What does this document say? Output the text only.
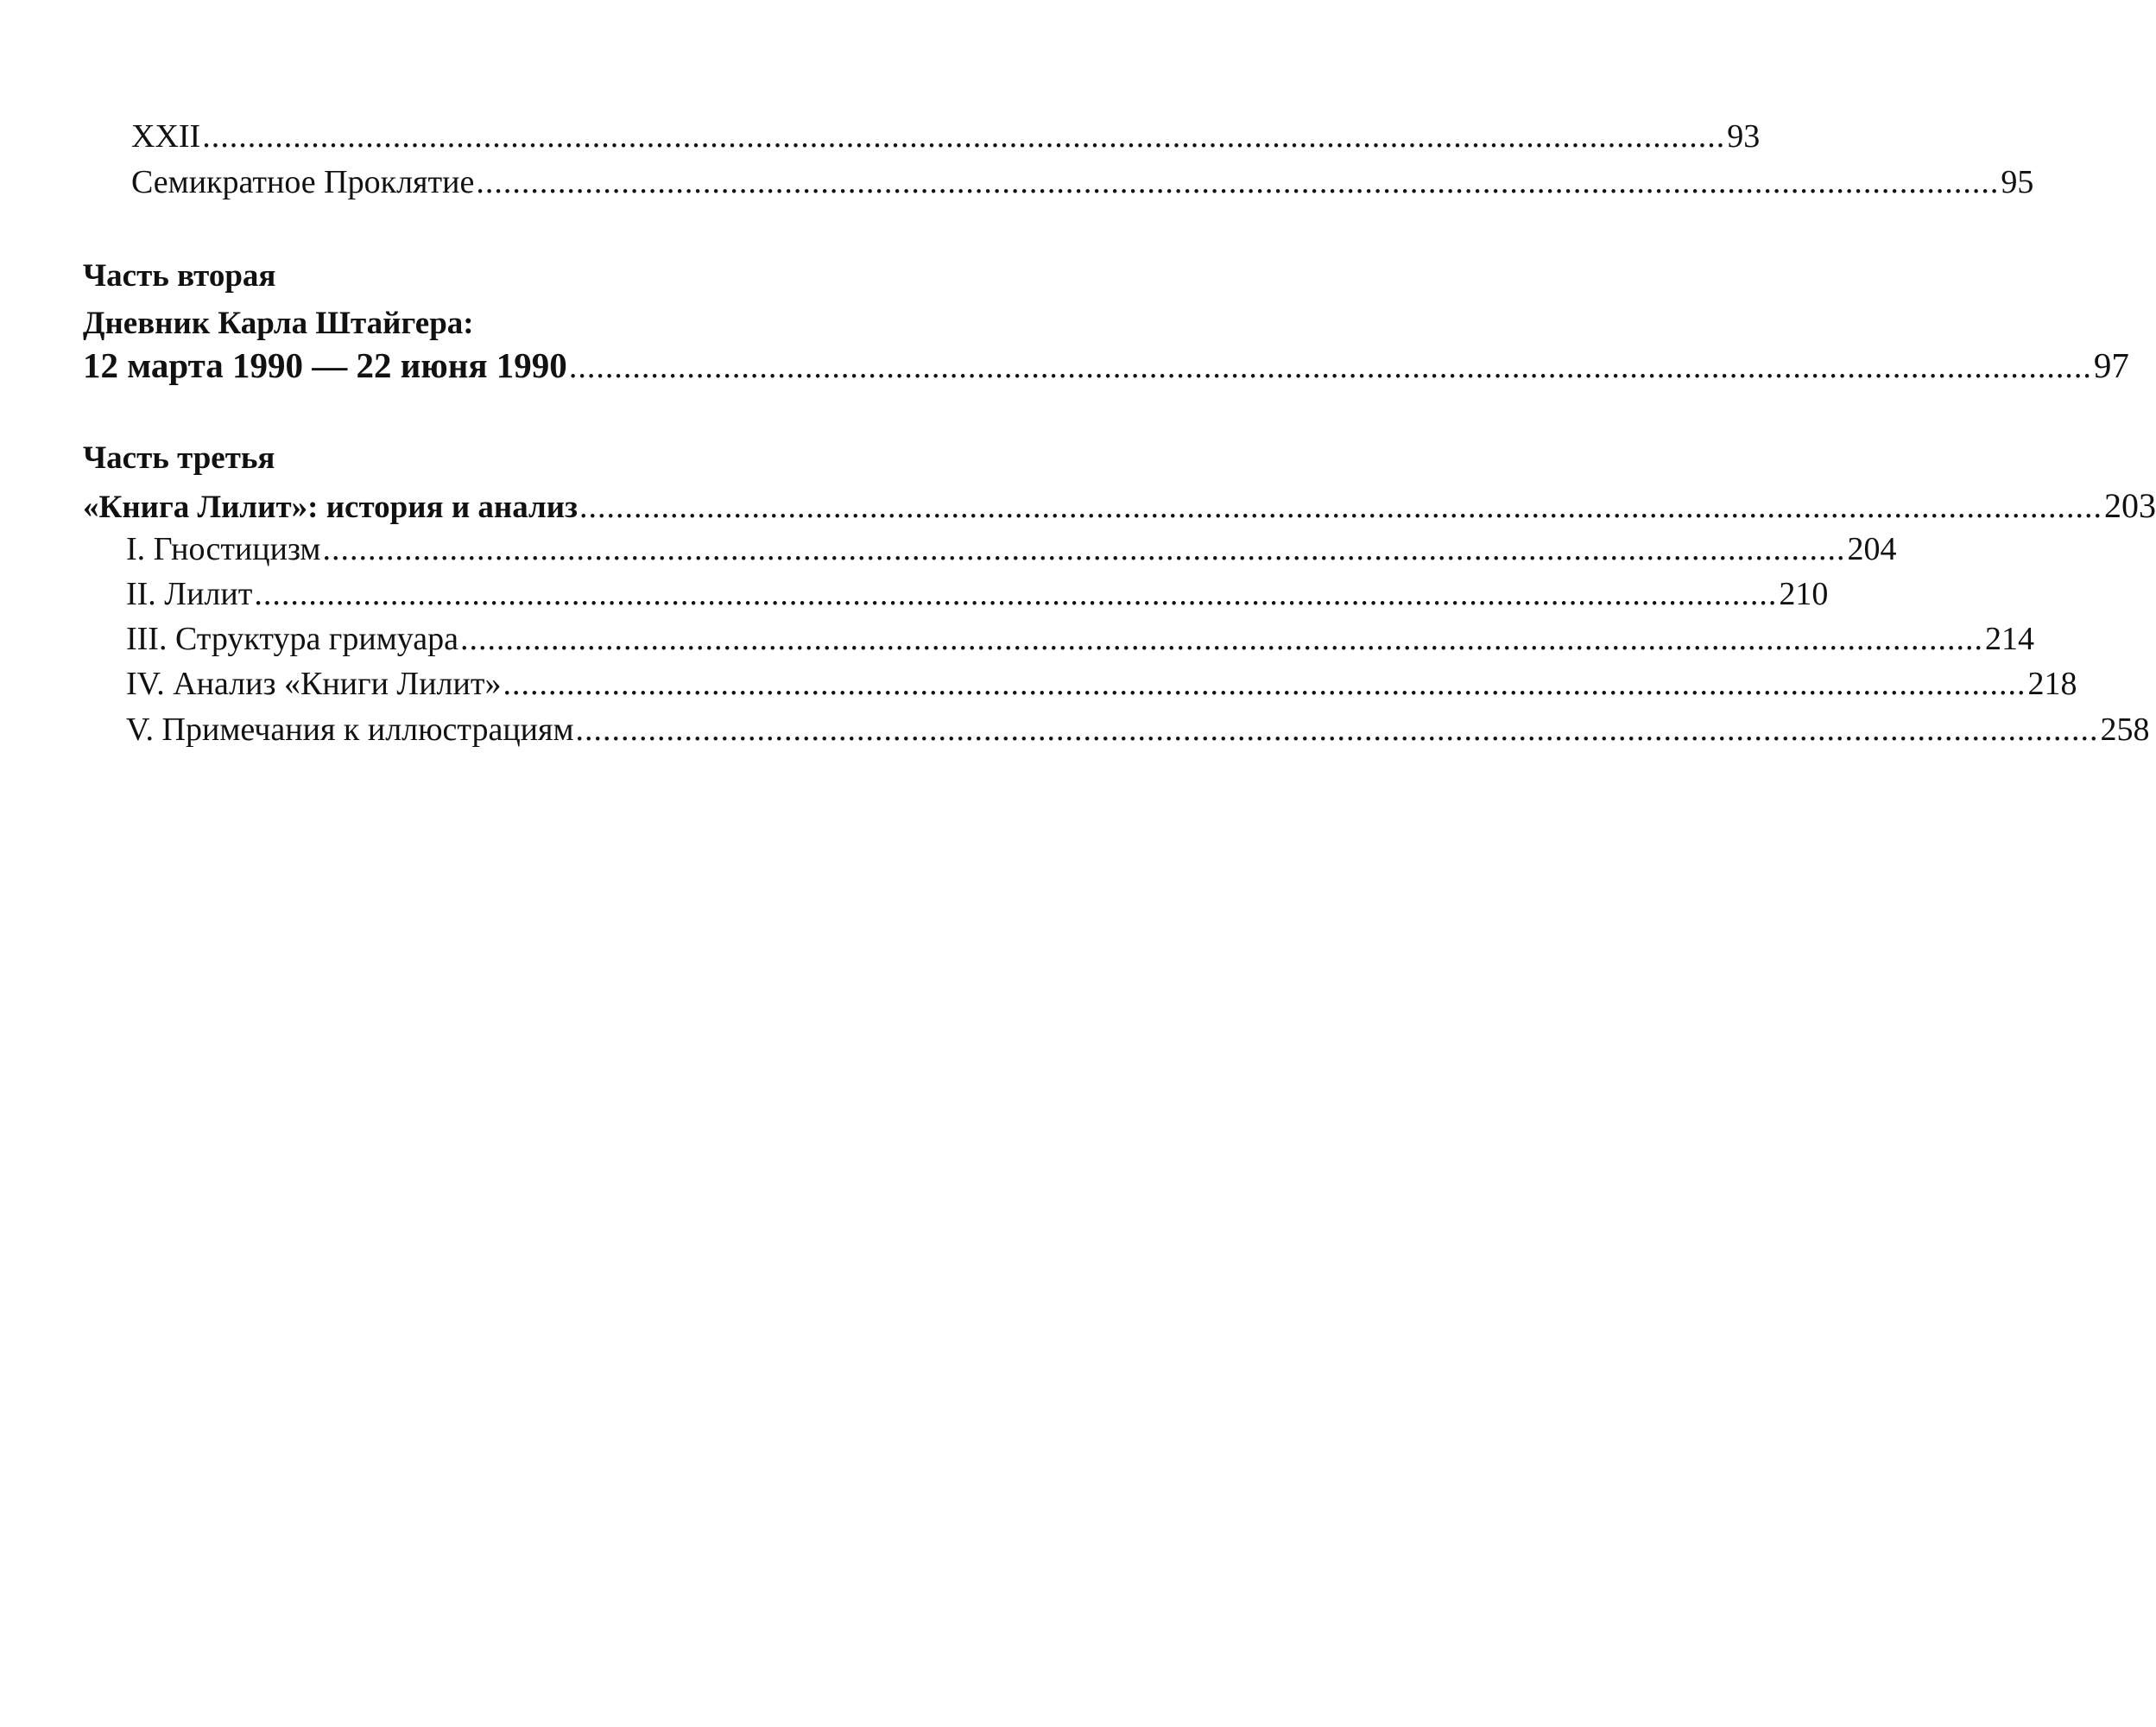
XXII ........................................................................................................................................................................ 93
Семикратное Проклятие ........................................................................................................................................................................ 95
Часть вторая
Дневник Карла Штайгера:
12 марта 1990 — 22 июня 1990 ........................................................................................................................................................................ 97
Часть третья
«Книга Лилит»: история и анализ ........................................................................................................................................................................ 203
I. Гностицизм ........................................................................................................................................................................ 204
II. Лилит ........................................................................................................................................................................ 210
III. Структура гримуара ........................................................................................................................................................................ 214
IV. Анализ «Книги Лилит» ........................................................................................................................................................................ 218
V. Примечания к иллюстрациям ........................................................................................................................................................................ 258
